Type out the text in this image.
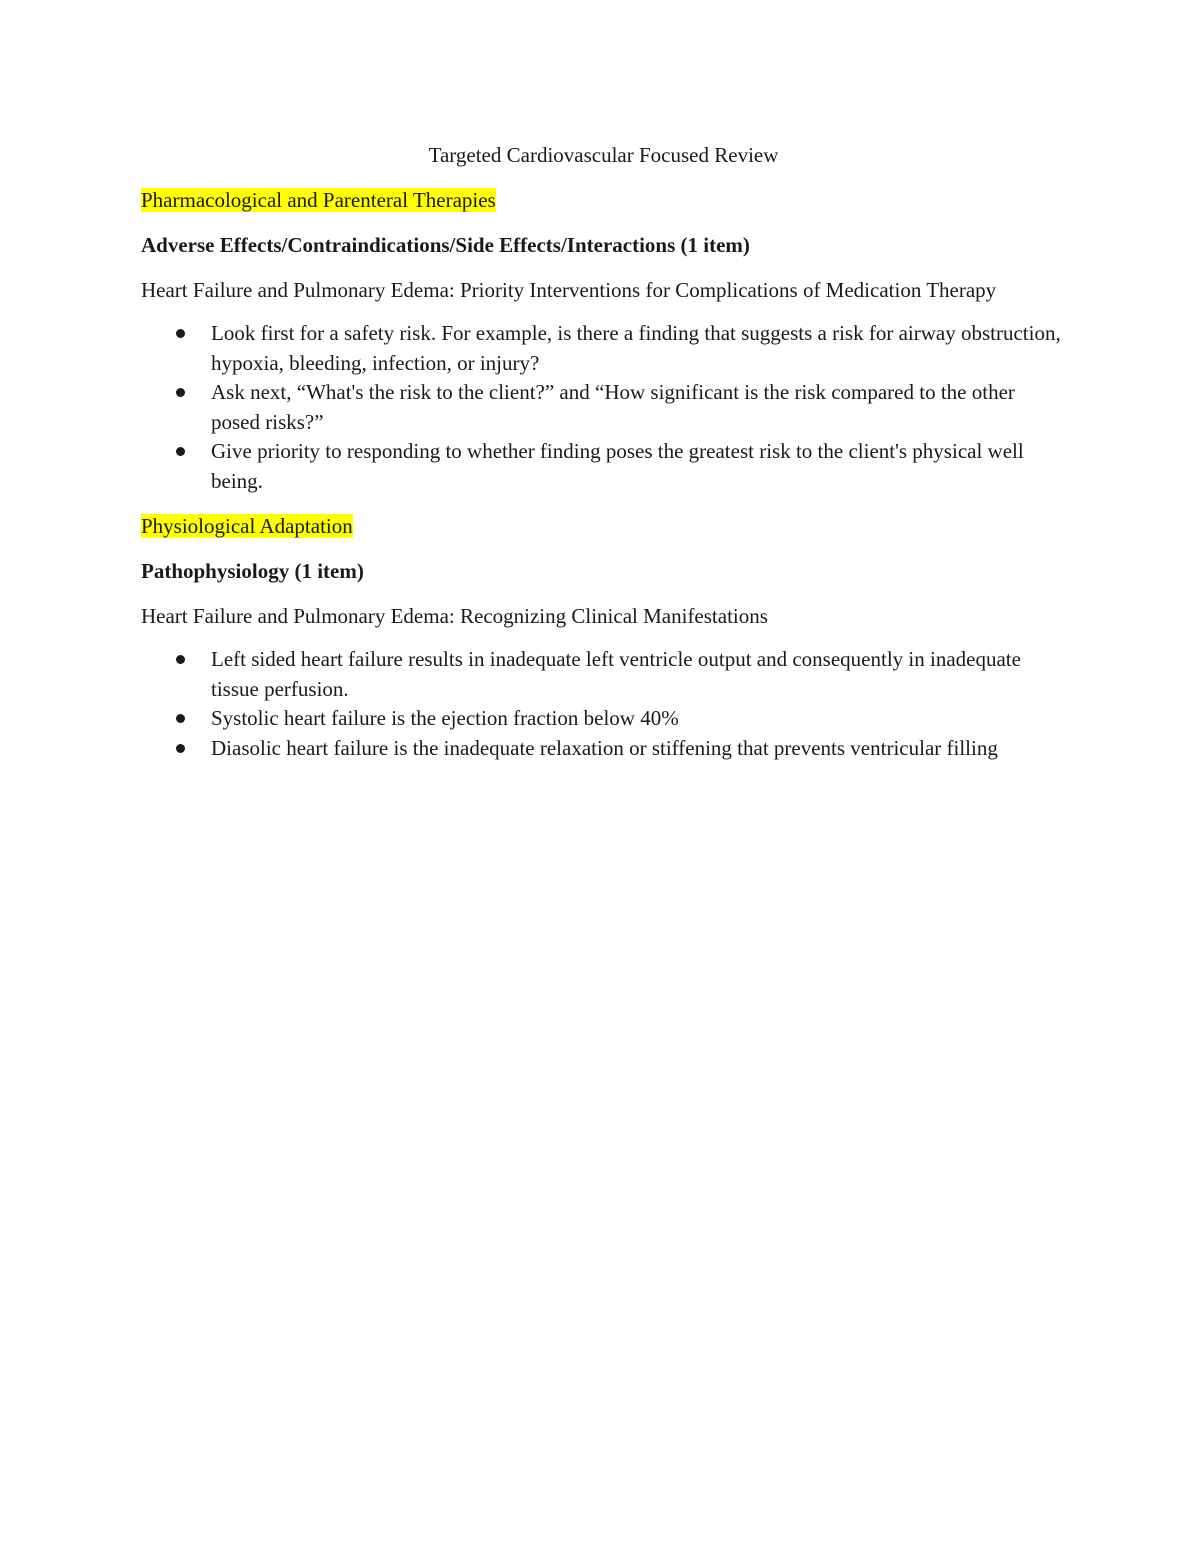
Targeted Cardiovascular Focused Review
Pharmacological and Parenteral Therapies
Adverse Effects/Contraindications/Side Effects/Interactions (1 item)
Heart Failure and Pulmonary Edema: Priority Interventions for Complications of Medication Therapy
Look first for a safety risk. For example, is there a finding that suggests a risk for airway obstruction, hypoxia, bleeding, infection, or injury?
Ask next, “What's the risk to the client?” and “How significant is the risk compared to the other posed risks?”
Give priority to responding to whether finding poses the greatest risk to the client's physical well being.
Physiological Adaptation
Pathophysiology (1 item)
Heart Failure and Pulmonary Edema: Recognizing Clinical Manifestations
Left sided heart failure results in inadequate left ventricle output and consequently in inadequate tissue perfusion.
Systolic heart failure is the ejection fraction below 40%
Diasolic heart failure is the inadequate relaxation or stiffening that prevents ventricular filling
